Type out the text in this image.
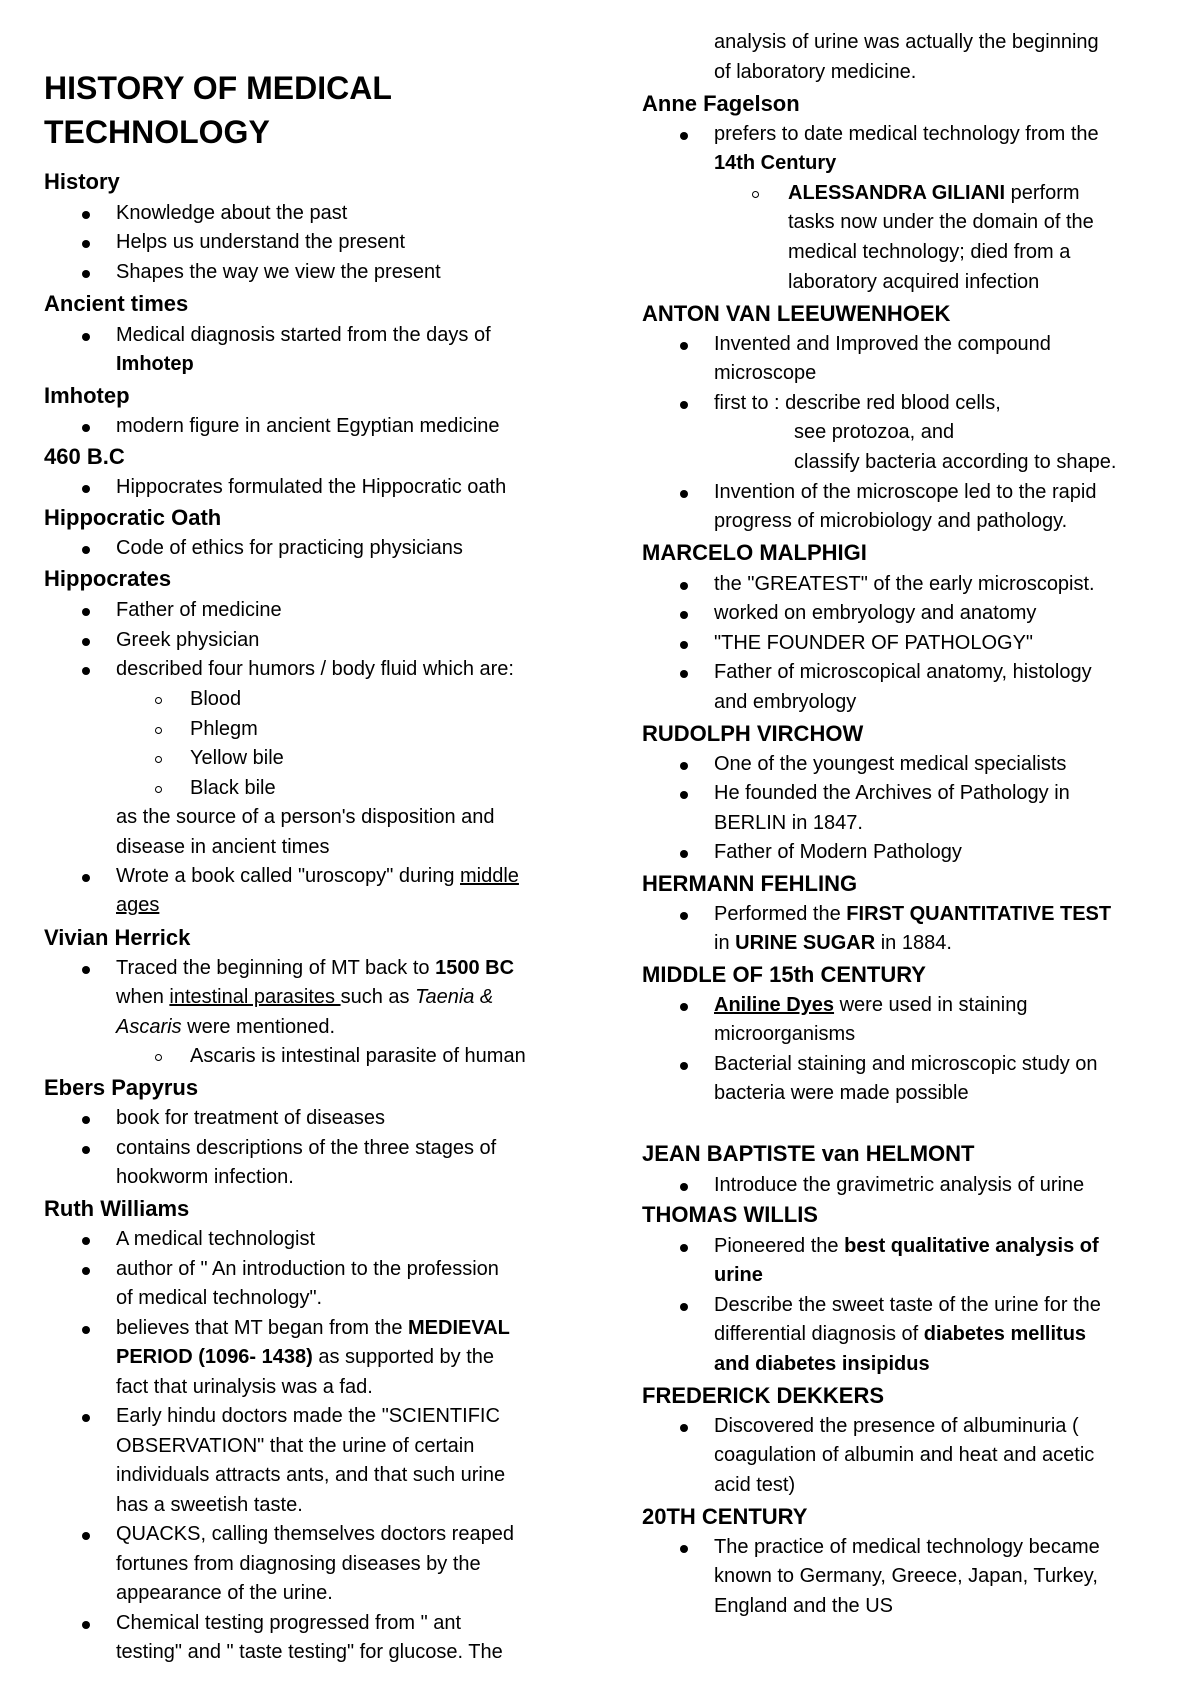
HISTORY OF MEDICAL
TECHNOLOGY
History
Knowledge about the past
Helps us understand the present
Shapes the way we view the present
Ancient times
Medical diagnosis started from the days of
Imhotep
Imhotep
modern figure in ancient Egyptian medicine
460 B.C
Hippocrates formulated the Hippocratic oath
Hippocratic Oath
Code of ethics for practicing physicians
Hippocrates
Father of medicine
Greek physician
described four humors / body fluid which are:
Blood
Phlegm
Yellow bile
Black bile
as the source of a person's disposition and
disease in ancient times
Wrote a book called "uroscopy" during middle
ages
Vivian Herrick
Traced the beginning of MT back to 1500 BC
when intestinal parasites such as Taenia &
Ascaris were mentioned.
Ascaris is intestinal parasite of human
Ebers Papyrus
book for treatment of diseases
contains descriptions of the three stages of
hookworm infection.
Ruth Williams
A medical technologist
author of " An introduction to the profession
of medical technology".
believes that MT began from the MEDIEVAL
PERIOD (1096- 1438) as supported by the
fact that urinalysis was a fad.
Early hindu doctors made the "SCIENTIFIC
OBSERVATION" that the urine of certain
individuals attracts ants, and that such urine
has a sweetish taste.
QUACKS, calling themselves doctors reaped
fortunes from diagnosing diseases by the
appearance of the urine.
Chemical testing progressed from " ant
testing" and " taste testing" for glucose. The
analysis of urine was actually the beginning
of laboratory medicine.
Anne Fagelson
prefers to date medical technology from the
14th Century
ALESSANDRA GILIANI perform
tasks now under the domain of the
medical technology; died from a
laboratory acquired infection
ANTON VAN LEEUWENHOEK
Invented and Improved the compound
microscope
first to : describe red blood cells,
see protozoa, and
classify bacteria according to shape.
Invention of the microscope led to the rapid
progress of microbiology and pathology.
MARCELO MALPHIGI
the "GREATEST" of the early microscopist.
worked on embryology and anatomy
"THE FOUNDER OF PATHOLOGY"
Father of microscopical anatomy, histology
and embryology
RUDOLPH VIRCHOW
One of the youngest medical specialists
He founded the Archives of Pathology in
BERLIN in 1847.
Father of Modern Pathology
HERMANN FEHLING
Performed the FIRST QUANTITATIVE TEST
in URINE SUGAR in 1884.
MIDDLE OF 15th CENTURY
Aniline Dyes were used in staining
microorganisms
Bacterial staining and microscopic study on
bacteria were made possible
JEAN BAPTISTE van HELMONT
Introduce the gravimetric analysis of urine
THOMAS WILLIS
Pioneered the best qualitative analysis of
urine
Describe the sweet taste of the urine for the
differential diagnosis of diabetes mellitus
and diabetes insipidus
FREDERICK DEKKERS
Discovered the presence of albuminuria (
coagulation of albumin and heat and acetic
acid test)
20TH CENTURY
The practice of medical technology became
known to Germany, Greece, Japan, Turkey,
England and the US
